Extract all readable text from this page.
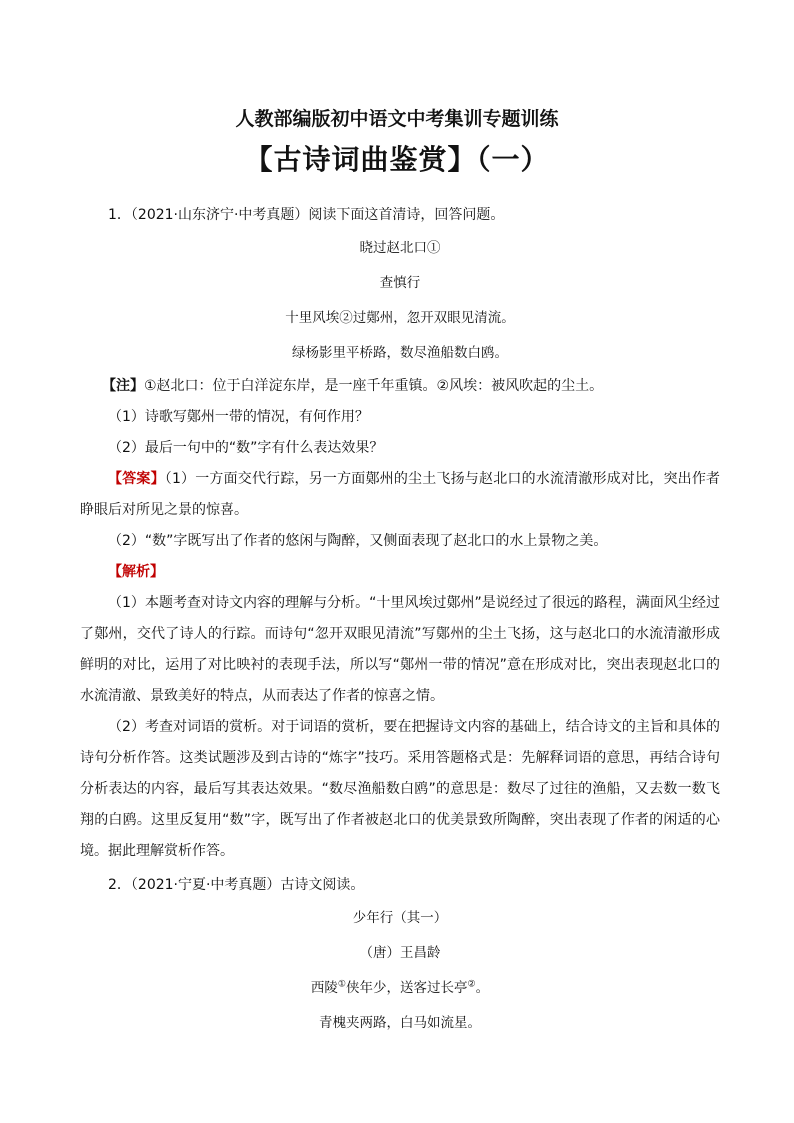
人教部编版初中语文中考集训专题训练
【古诗词曲鉴赏】（一）

1．（2021·山东济宁·中考真题）阅读下面这首清诗，回答问题。

晓过赵北口①

查慎行

十里风埃②过鄚州，忽开双眼见清流。

绿杨影里平桥路，数尽渔船数白鸥。

【注】①赵北口：位于白洋淀东岸，是一座千年重镇。②风埃：被风吹起的尘土。

（1）诗歌写鄚州一带的情况，有何作用？

（2）最后一句中的“数”字有什么表达效果？

【答案】（1）一方面交代行踪，另一方面鄚州的尘土飞扬与赵北口的水流清澈形成对比，突出作者睁眼后对所见之景的惊喜。

（2）“数”字既写出了作者的悠闲与陶醉，又侧面表现了赵北口的水上景物之美。

【解析】

（1）本题考查对诗文内容的理解与分析。“十里风埃过鄚州”是说经过了很远的路程，满面风尘经过了鄚州，交代了诗人的行踪。而诗句“忽开双眼见清流”写鄚州的尘土飞扬，这与赵北口的水流清澈形成鲜明的对比，运用了对比映衬的表现手法，所以写“鄚州一带的情况”意在形成对比，突出表现赵北口的水流清澈、景致美好的特点，从而表达了作者的惊喜之情。

（2）考查对词语的赏析。对于词语的赏析，要在把握诗文内容的基础上，结合诗文的主旨和具体的诗句分析作答。这类试题涉及到古诗的“炼字”技巧。采用答题格式是：先解释词语的意思，再结合诗句分析表达的内容，最后写其表达效果。“数尽渔船数白鸥”的意思是：数尽了过往的渔船，又去数一数飞翔的白鸥。这里反复用“数”字，既写出了作者被赵北口的优美景致所陶醉，突出表现了作者的闲适的心境。据此理解赏析作答。

2．（2021·宁夏·中考真题）古诗文阅读。

少年行（其一）

（唐）王昌龄

西陵①侠年少，送客过长亭②。

青槐夹两路，白马如流星。
